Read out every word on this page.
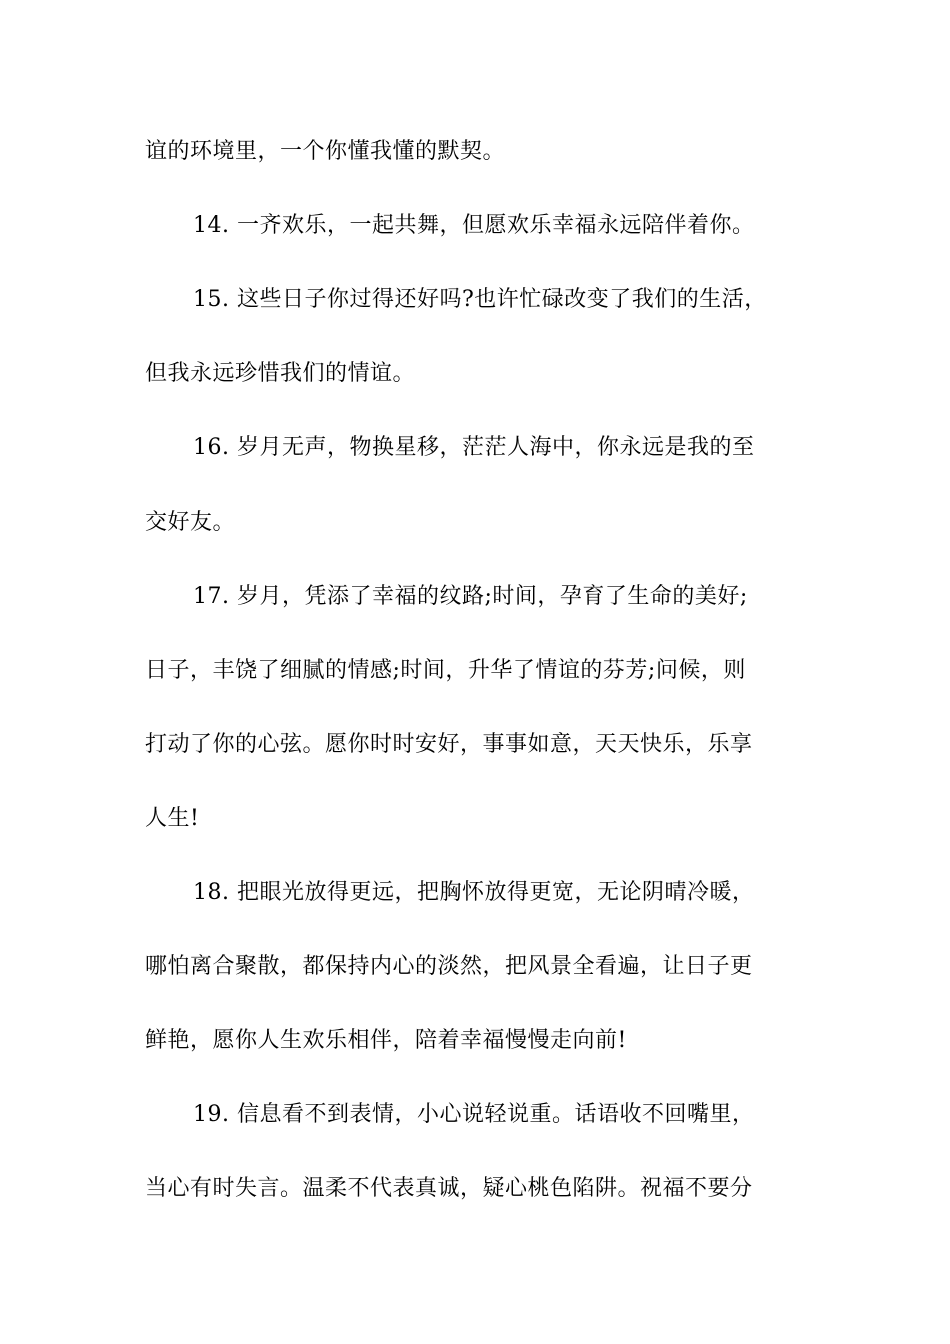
谊的环境里，一个你懂我懂的默契。
14. 一齐欢乐，一起共舞，但愿欢乐幸福永远陪伴着你。
15. 这些日子你过得还好吗?也许忙碌改变了我们的生活，
但我永远珍惜我们的情谊。
16. 岁月无声，物换星移，茫茫人海中，你永远是我的至
交好友。
17. 岁月，凭添了幸福的纹路;时间，孕育了生命的美好;
日子，丰饶了细腻的情感;时间，升华了情谊的芬芳;问候，则
打动了你的心弦。愿你时时安好，事事如意，天天快乐，乐享
人生!
18. 把眼光放得更远，把胸怀放得更宽，无论阴晴冷暖，
哪怕离合聚散，都保持内心的淡然，把风景全看遍，让日子更
鲜艳，愿你人生欢乐相伴，陪着幸福慢慢走向前!
19. 信息看不到表情，小心说轻说重。话语收不回嘴里，
当心有时失言。温柔不代表真诚，疑心桃色陷阱。祝福不要分
